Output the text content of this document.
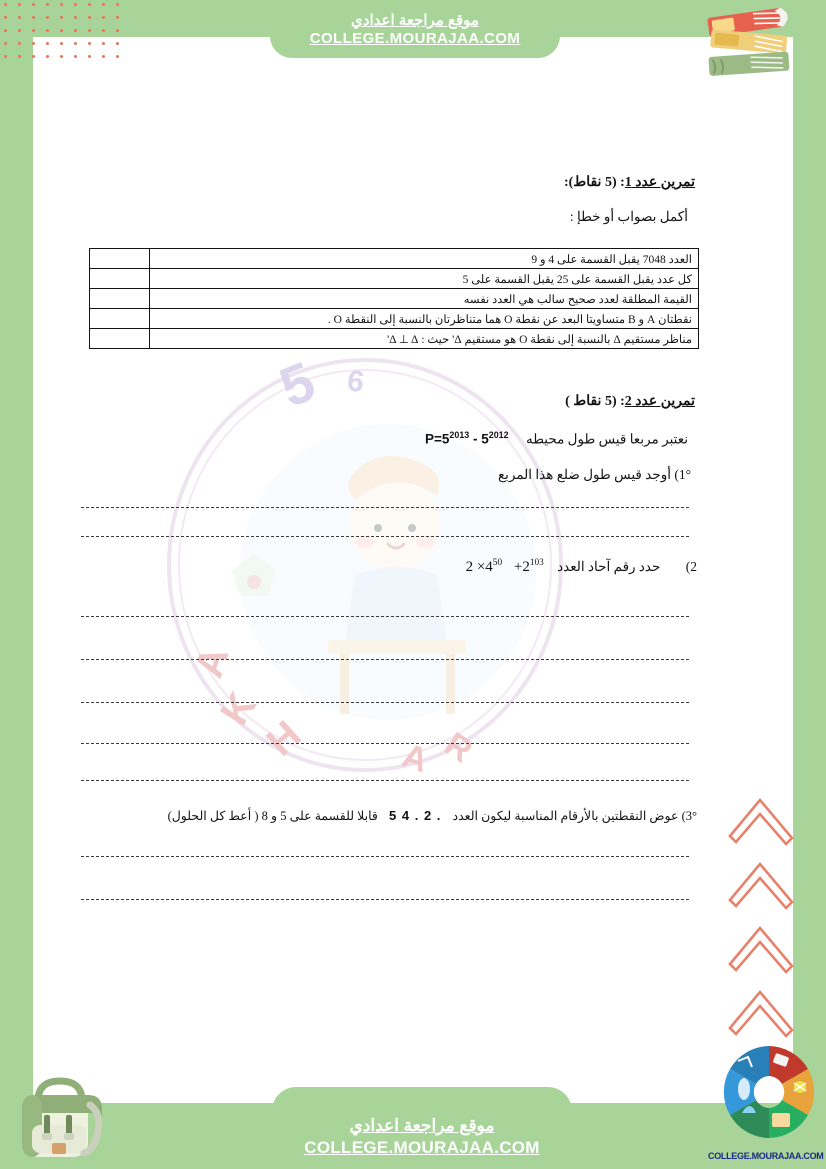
5 6
A
K
H	A R
موقع مراجعة اعدادي
COLLEGE.MOURAJAA.COM
تمرين عدد 1: (5 نقاط):
أكمل بصواب أو خطإ :
العدد 7048 يقبل القسمة على 4 و 9	
كل عدد يقبل القسمة على 25 يقبل القسمة على 5	
القيمة المطلقة لعدد صحيح سالب هي العدد نفسه	
نقطتان A و B متساويتا البعد عن نقطة O هما متناظرتان بالنسبة إلى النقطة O .	
مناظر مستقيم Δ بالنسبة إلى نقطة O هو مستقيم Δ' حيث : Δ ⊥ Δ'	
تمرين عدد 2: (5 نقاط )
نعتبر مربعا قيس طول محيطه $P=5^{2013} - 5^{2012}$
1°) أوجد قيس طول ضلع هذا المربع
2) حدد رقم آحاد العدد $2 \times 4^{50} +2^{103}$
3°) عوض النقطتين بالأرقام المناسبة ليكون العدد 5 4 . 2 . قابلا للقسمة على 5 و 8 ( أعط كل الحلول)
موقع مراجعة اعدادي
COLLEGE.MOURAJAA.COM	COLLEGE.MOURAJAA.COM
